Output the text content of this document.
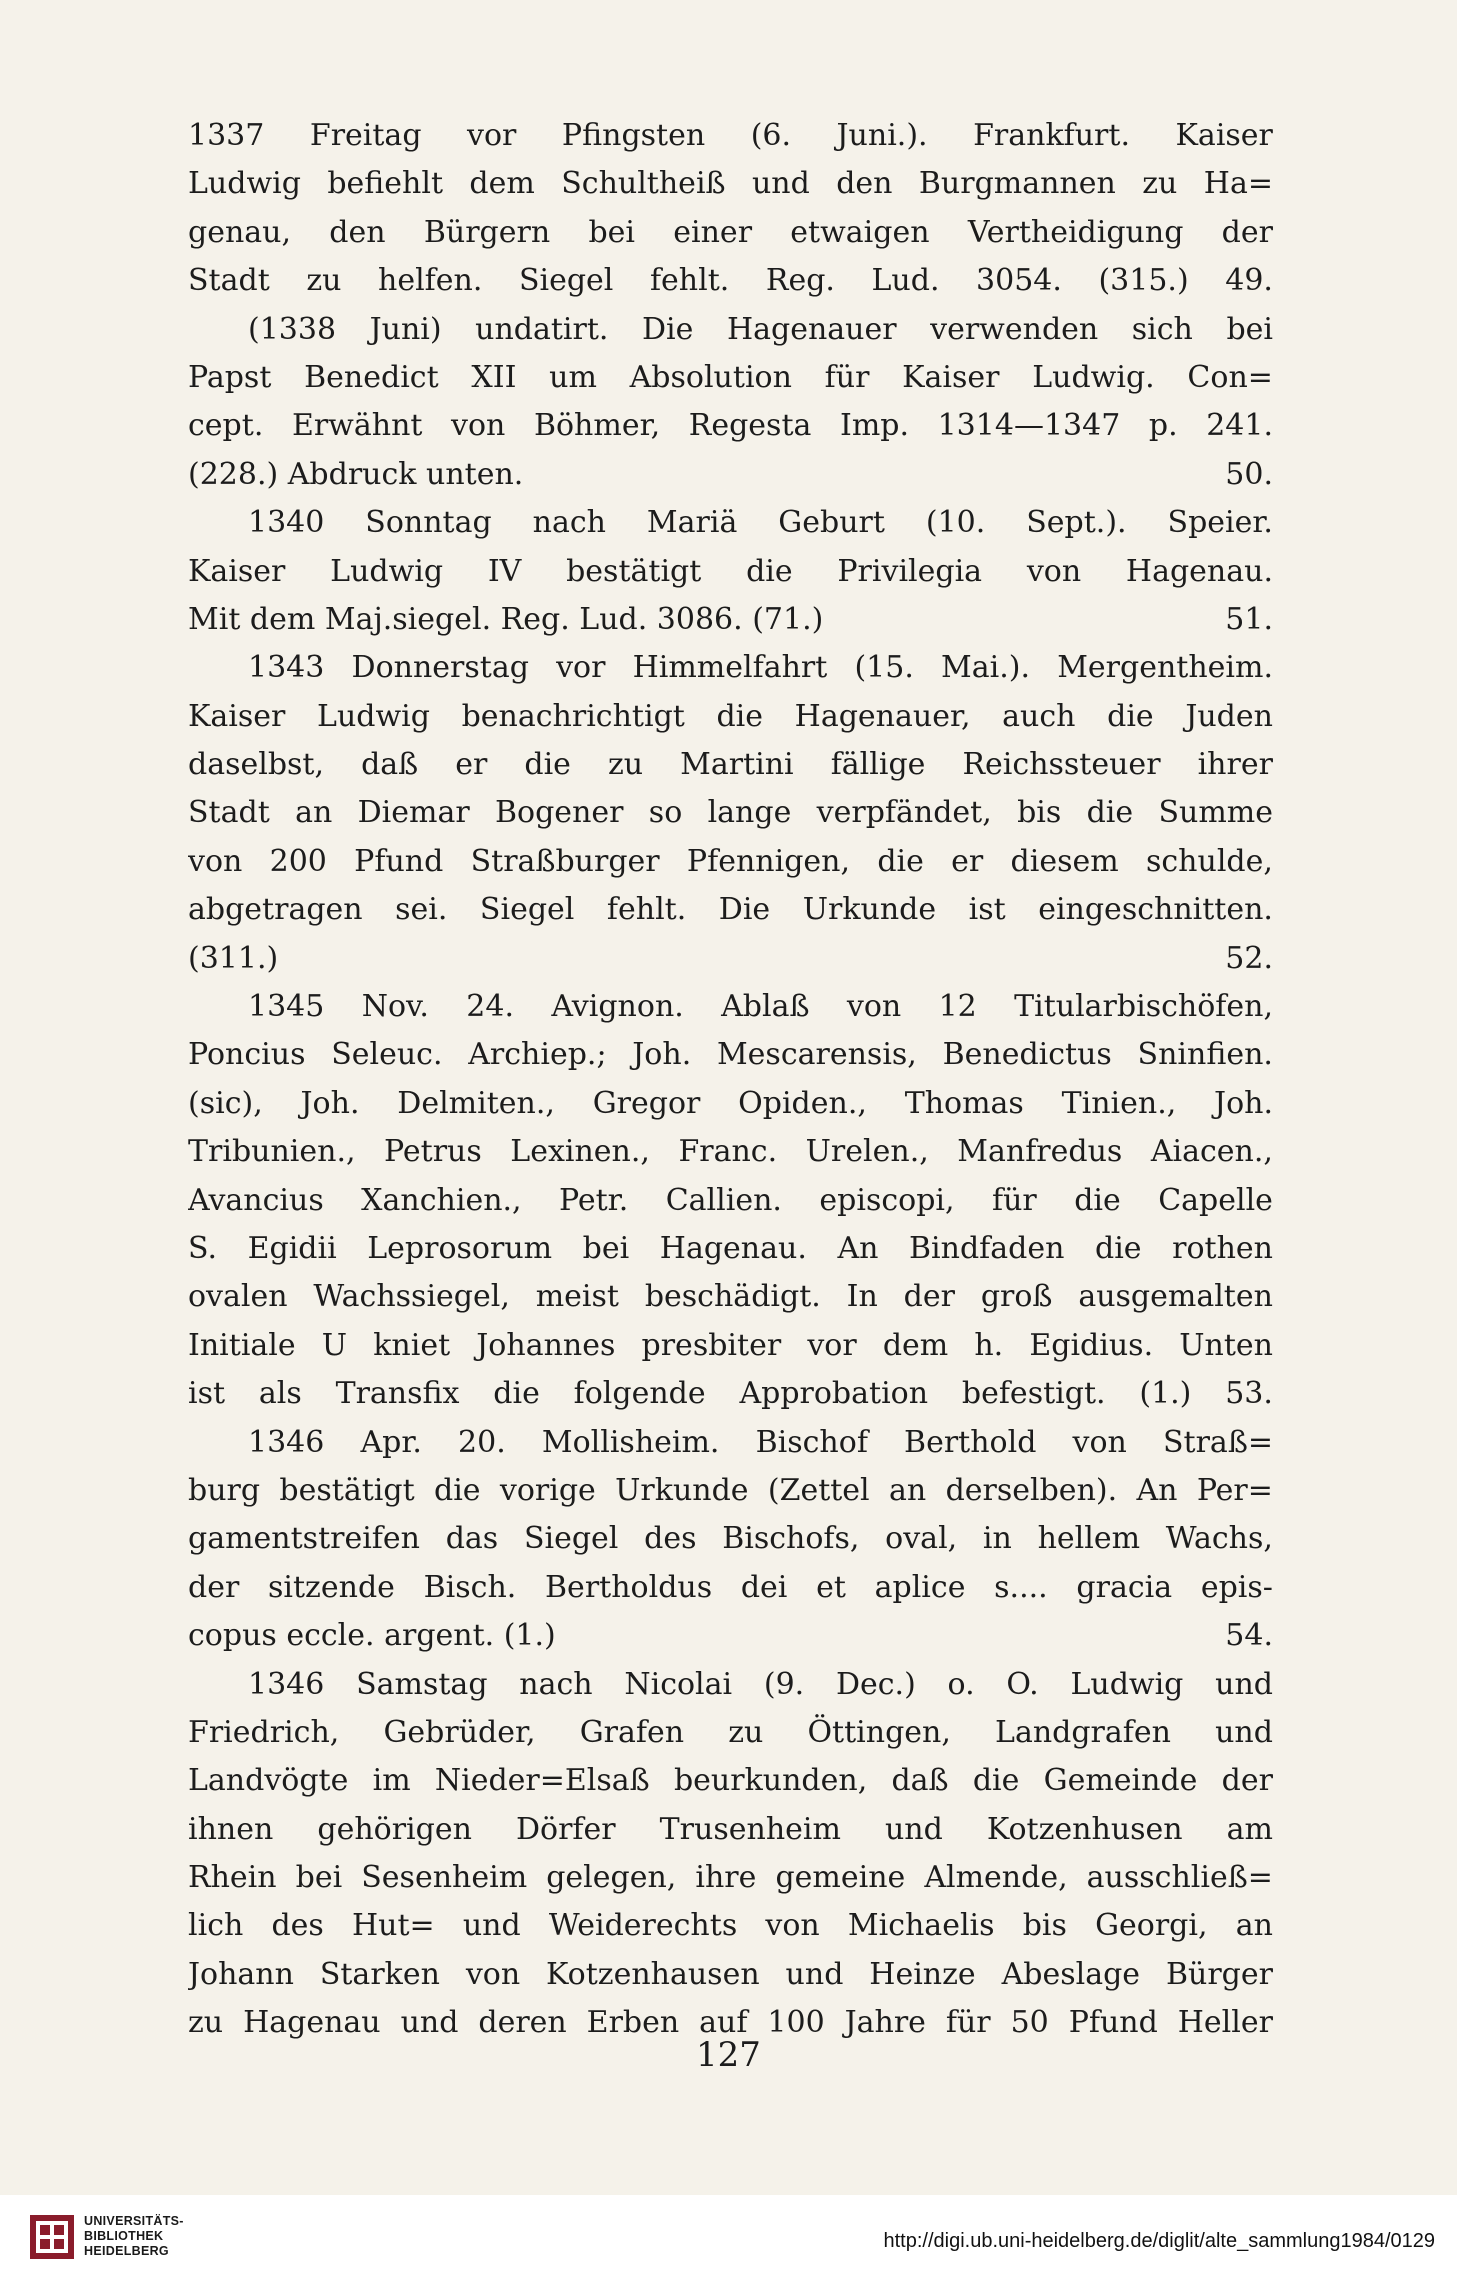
1337 Freitag vor Pfingsten (6. Juni.). Frankfurt. Kaiser
Ludwig befiehlt dem Schultheiß und den Burgmannen zu Ha=
genau, den Bürgern bei einer etwaigen Vertheidigung der
Stadt zu helfen. Siegel fehlt. Reg. Lud. 3054. (315.) 49.
(1338 Juni) undatirt. Die Hagenauer verwenden sich bei
Papst Benedict XII um Absolution für Kaiser Ludwig. Con=
cept. Erwähnt von Böhmer, Regesta Imp. 1314—1347 p. 241.
(228.) Abdruck unten.	50.
1340 Sonntag nach Mariä Geburt (10. Sept.). Speier.
Kaiser Ludwig IV bestätigt die Privilegia von Hagenau.
Mit dem Maj.siegel. Reg. Lud. 3086. (71.)	51.
1343 Donnerstag vor Himmelfahrt (15. Mai.). Mergentheim.
Kaiser Ludwig benachrichtigt die Hagenauer, auch die Juden
daselbst, daß er die zu Martini fällige Reichssteuer ihrer
Stadt an Diemar Bogener so lange verpfändet, bis die Summe
von 200 Pfund Straßburger Pfennigen, die er diesem schulde,
abgetragen sei. Siegel fehlt. Die Urkunde ist eingeschnitten.
(311.)	52.
1345 Nov. 24. Avignon. Ablaß von 12 Titularbischöfen,
Poncius Seleuc. Archiep.; Joh. Mescarensis, Benedictus Sninfien.
(sic), Joh. Delmiten., Gregor Opiden., Thomas Tinien., Joh.
Tribunien., Petrus Lexinen., Franc. Urelen., Manfredus Aiacen.,
Avancius Xanchien., Petr. Callien. episcopi, für die Capelle
S. Egidii Leprosorum bei Hagenau. An Bindfaden die rothen
ovalen Wachssiegel, meist beschädigt. In der groß ausgemalten
Initiale U kniet Johannes presbiter vor dem h. Egidius. Unten
ist als Transfix die folgende Approbation befestigt. (1.) 53.
1346 Apr. 20. Mollisheim. Bischof Berthold von Straß=
burg bestätigt die vorige Urkunde (Zettel an derselben). An Per=
gamentstreifen das Siegel des Bischofs, oval, in hellem Wachs,
der sitzende Bisch. Bertholdus dei et aplice s.... gracia epis-
copus eccle. argent. (1.)	54.
1346 Samstag nach Nicolai (9. Dec.) o. O. Ludwig und
Friedrich, Gebrüder, Grafen zu Öttingen, Landgrafen und
Landvögte im Nieder=Elsaß beurkunden, daß die Gemeinde der
ihnen gehörigen Dörfer Trusenheim und Kotzenhusen am
Rhein bei Sesenheim gelegen, ihre gemeine Almende, ausschließ=
lich des Hut= und Weiderechts von Michaelis bis Georgi, an
Johann Starken von Kotzenhausen und Heinze Abeslage Bürger
zu Hagenau und deren Erben auf 100 Jahre für 50 Pfund Heller
127
UNIVERSITÄTS-
BIBLIOTHEK
HEIDELBERG	http://digi.ub.uni-heidelberg.de/diglit/alte_sammlung1984/0129
